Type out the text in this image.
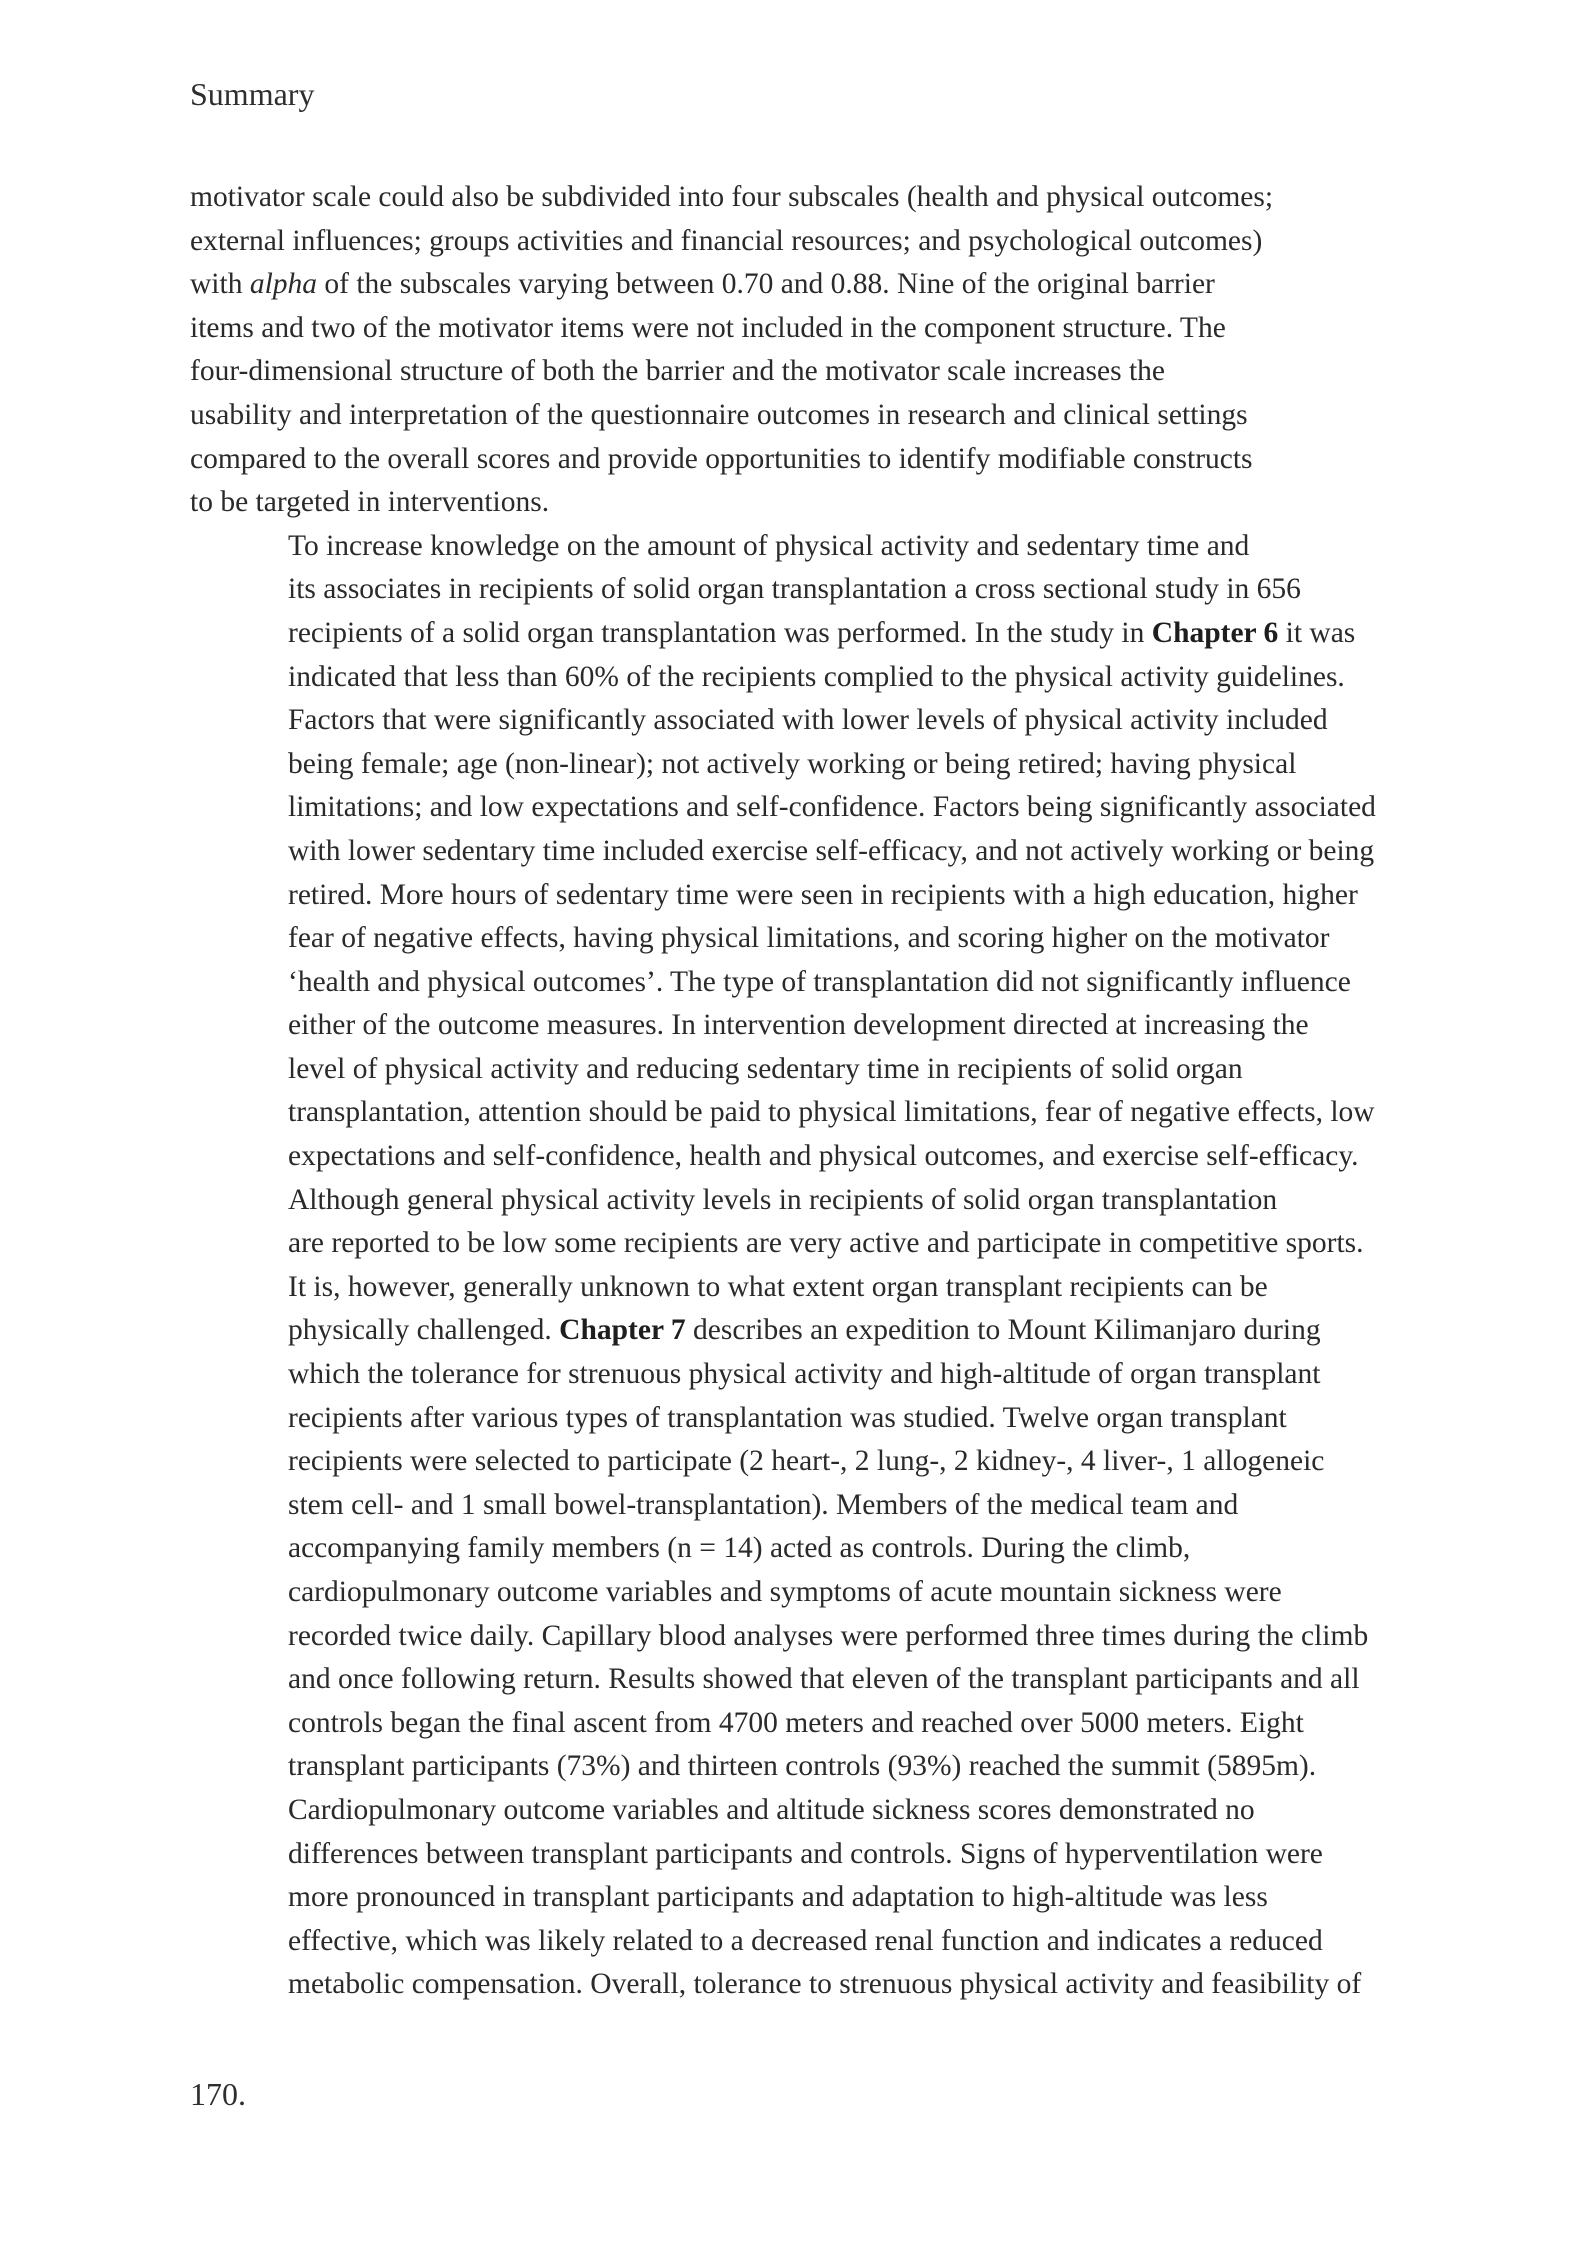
Summary

motivator scale could also be subdivided into four subscales (health and physical outcomes;
external influences; groups activities and financial resources; and psychological outcomes)
with alpha of the subscales varying between 0.70 and 0.88. Nine of the original barrier
items and two of the motivator items were not included in the component structure. The
four-dimensional structure of both the barrier and the motivator scale increases the
usability and interpretation of the questionnaire outcomes in research and clinical settings
compared to the overall scores and provide opportunities to identify modifiable constructs
to be targeted in interventions.

To increase knowledge on the amount of physical activity and sedentary time and
its associates in recipients of solid organ transplantation a cross sectional study in 656
recipients of a solid organ transplantation was performed. In the study in Chapter 6 it was
indicated that less than 60% of the recipients complied to the physical activity guidelines.
Factors that were significantly associated with lower levels of physical activity included
being female; age (non-linear); not actively working or being retired; having physical
limitations; and low expectations and self-confidence. Factors being significantly associated
with lower sedentary time included exercise self-efficacy, and not actively working or being
retired. More hours of sedentary time were seen in recipients with a high education, higher
fear of negative effects, having physical limitations, and scoring higher on the motivator
‘health and physical outcomes’. The type of transplantation did not significantly influence
either of the outcome measures. In intervention development directed at increasing the
level of physical activity and reducing sedentary time in recipients of solid organ
transplantation, attention should be paid to physical limitations, fear of negative effects, low
expectations and self-confidence, health and physical outcomes, and exercise self-efficacy.

Although general physical activity levels in recipients of solid organ transplantation
are reported to be low some recipients are very active and participate in competitive sports.
It is, however, generally unknown to what extent organ transplant recipients can be
physically challenged. Chapter 7 describes an expedition to Mount Kilimanjaro during
which the tolerance for strenuous physical activity and high-altitude of organ transplant
recipients after various types of transplantation was studied. Twelve organ transplant
recipients were selected to participate (2 heart-, 2 lung-, 2 kidney-, 4 liver-, 1 allogeneic
stem cell- and 1 small bowel-transplantation). Members of the medical team and
accompanying family members (n = 14) acted as controls. During the climb,
cardiopulmonary outcome variables and symptoms of acute mountain sickness were
recorded twice daily. Capillary blood analyses were performed three times during the climb
and once following return. Results showed that eleven of the transplant participants and all
controls began the final ascent from 4700 meters and reached over 5000 meters. Eight
transplant participants (73%) and thirteen controls (93%) reached the summit (5895m).
Cardiopulmonary outcome variables and altitude sickness scores demonstrated no
differences between transplant participants and controls. Signs of hyperventilation were
more pronounced in transplant participants and adaptation to high-altitude was less
effective, which was likely related to a decreased renal function and indicates a reduced
metabolic compensation. Overall, tolerance to strenuous physical activity and feasibility of

170.
